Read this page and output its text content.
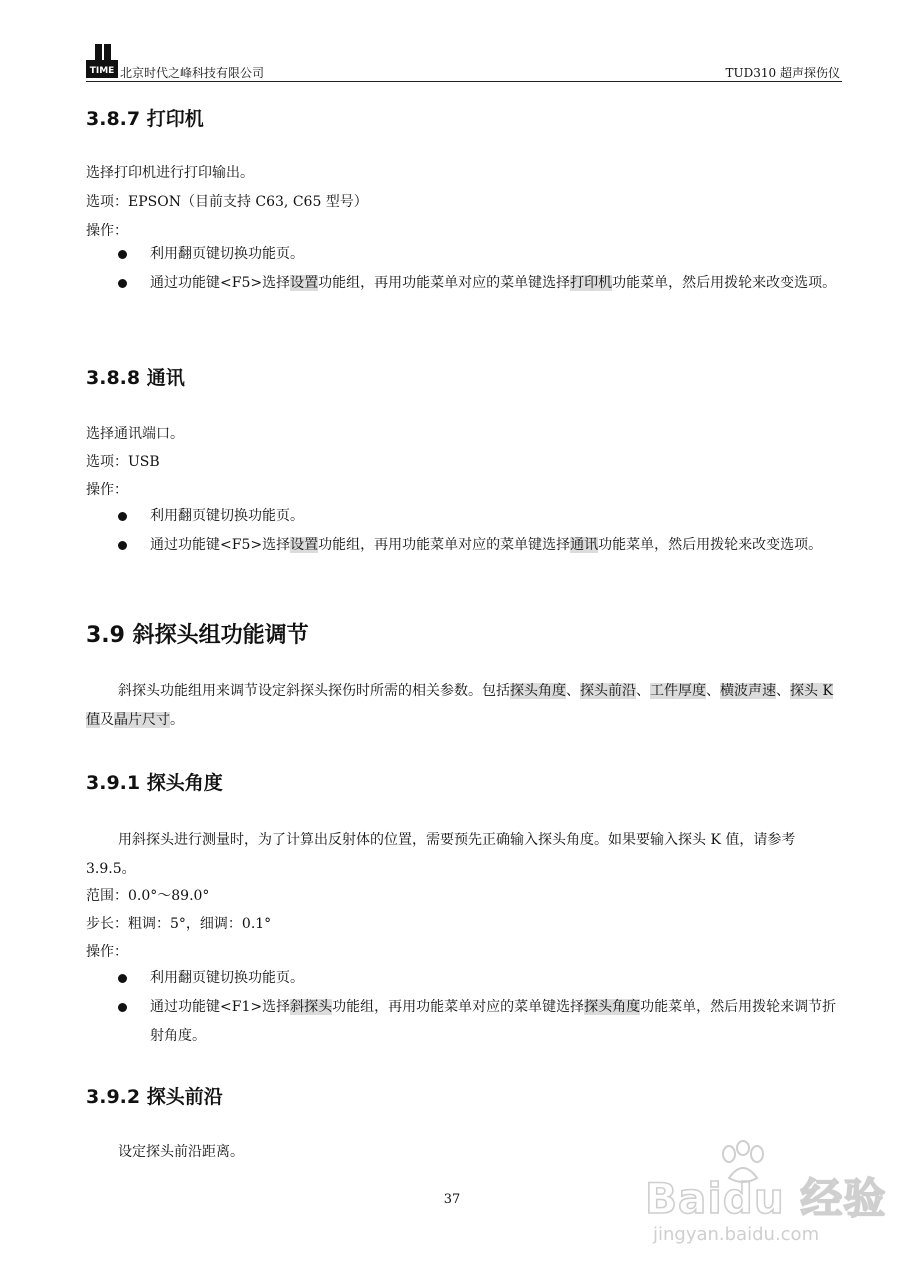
TIME 北京时代之峰科技有限公司	TUD310 超声探伤仪
3.8.7 打印机
选择打印机进行打印输出。
选项：EPSON（目前支持 C63, C65 型号）
操作：
利用翻页键切换功能页。
通过功能键<F5>选择设置功能组，再用功能菜单对应的菜单键选择打印机功能菜单，然后用拨轮来改变选项。
3.8.8 通讯
选择通讯端口。
选项：USB
操作：
利用翻页键切换功能页。
通过功能键<F5>选择设置功能组，再用功能菜单对应的菜单键选择通讯功能菜单，然后用拨轮来改变选项。
3.9 斜探头组功能调节
斜探头功能组用来调节设定斜探头探伤时所需的相关参数。包括探头角度、探头前沿、工件厚度、横波声速、探头 K 值及晶片尺寸。
3.9.1 探头角度
用斜探头进行测量时，为了计算出反射体的位置，需要预先正确输入探头角度。如果要输入探头 K 值，请参考 3.9.5。
范围：0.0°～89.0°
步长：粗调：5°，细调：0.1°
操作：
利用翻页键切换功能页。
通过功能键<F1>选择斜探头功能组，再用功能菜单对应的菜单键选择探头角度功能菜单，然后用拨轮来调节折射角度。
3.9.2 探头前沿
设定探头前沿距离。
37	Baidu 经验
jingyan.baidu.com
